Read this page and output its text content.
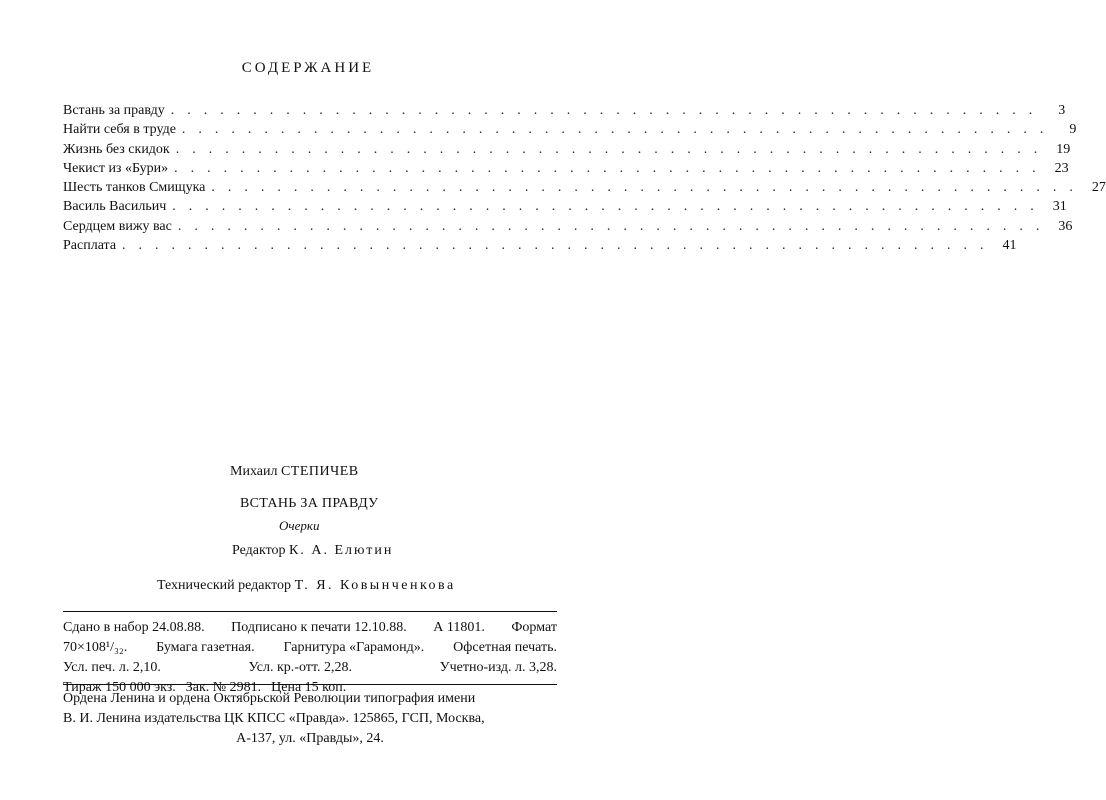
СОДЕРЖАНИЕ
Встань за правду ..................................................... 3
Найти себя в труде ..................................................... 9
Жизнь без скидок ..................................................... 19
Чекист из «Бури» ..................................................... 23
Шесть танков Смищука ..................................................... 27
Василь Васильич ..................................................... 31
Сердцем вижу вас ..................................................... 36
Расплата ..................................................... 41
Михаил СТЕПИЧЕВ
ВСТАНЬ ЗА ПРАВДУ
Очерки
Редактор К. А. Елютин
Технический редактор Т. Я. Ковынченкова
Сдано в набор 24.08.88. Подписано к печати 12.10.88. А 11801. Формат
70×108¹/₃₂. Бумага газетная. Гарнитура «Гарамонд». Офсетная печать.
Усл. печ. л. 2,10.	Усл. кр.-отт. 2,28.	Учетно-изд. л. 3,28.
Тираж 150 000 экз. Зак. № 2981. Цена 15 коп.
Ордена Ленина и ордена Октябрьской Революции типография имени
В. И. Ленина издательства ЦК КПСС «Правда». 125865, ГСП, Москва,
А-137, ул. «Правды», 24.
